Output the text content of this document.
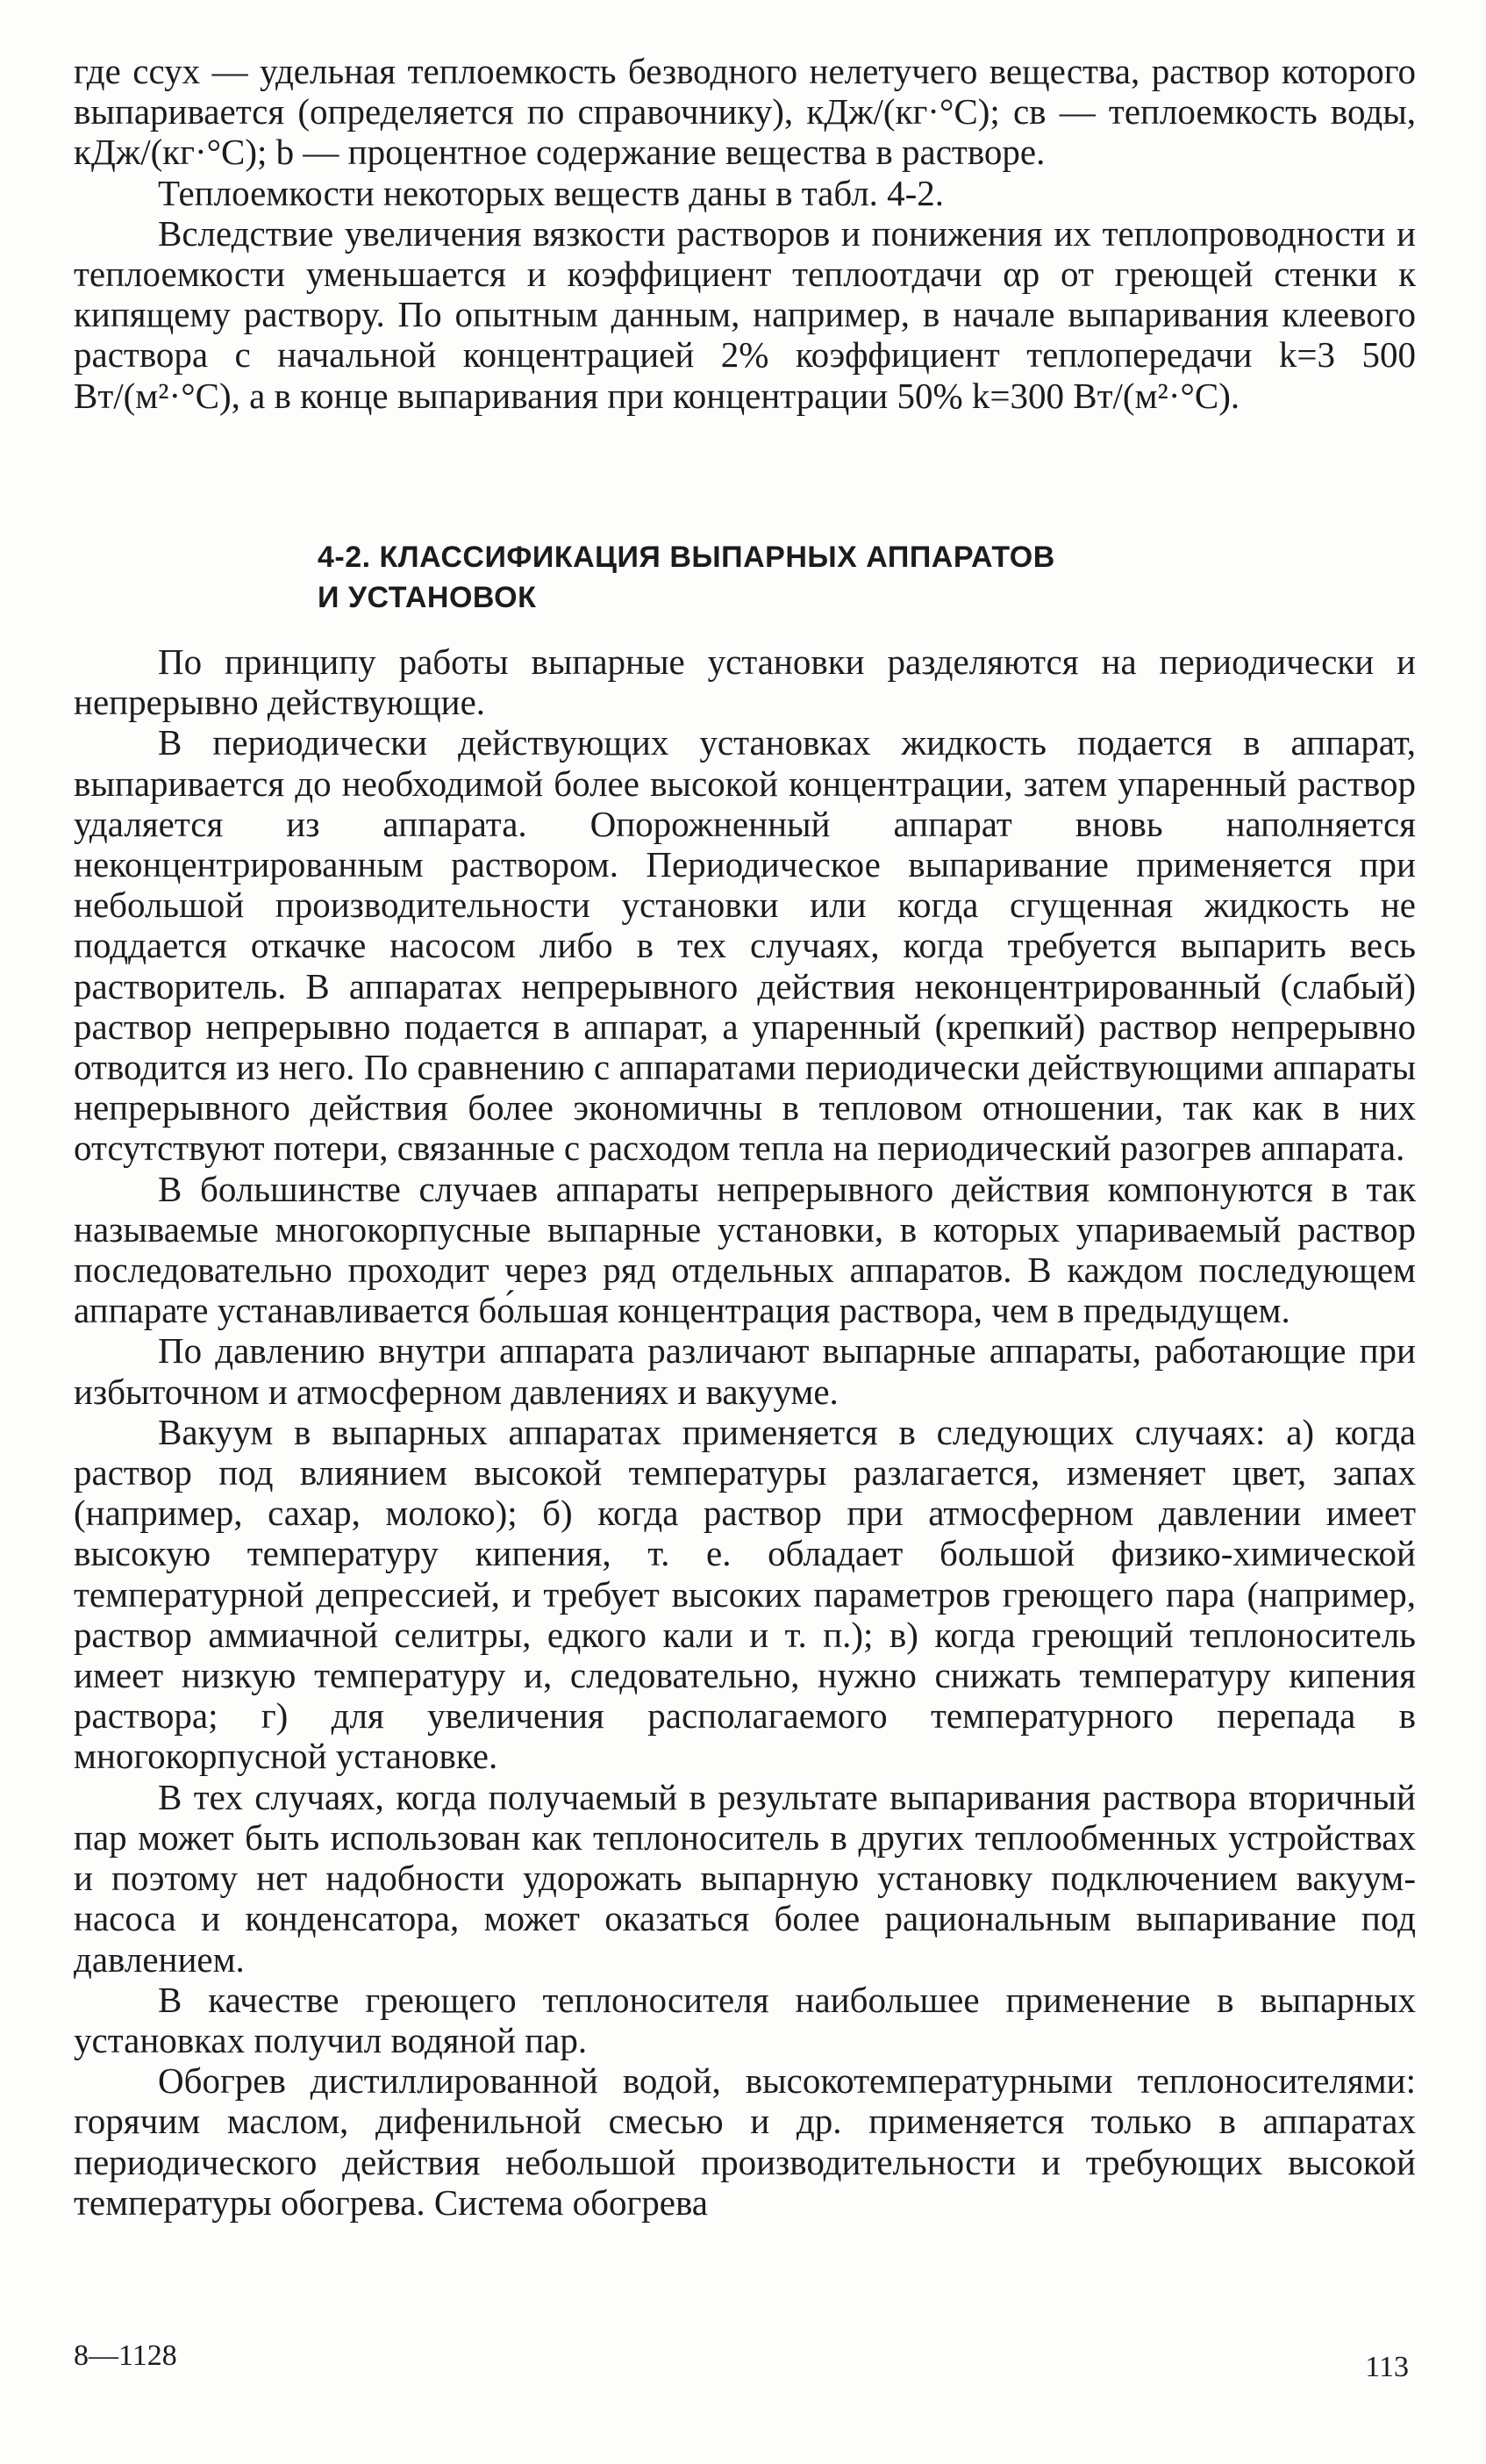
где cсух — удельная теплоемкость безводного нелетучего вещества, раствор которого выпаривается (определяется по справочнику), кДж/(кг·°C); cв — теплоемкость воды, кДж/(кг·°C); b — процентное содержание вещества в растворе.

Теплоемкости некоторых веществ даны в табл. 4-2.

Вследствие увеличения вязкости растворов и понижения их теплопроводности и теплоемкости уменьшается и коэффициент теплоотдачи αр от греющей стенки к кипящему раствору. По опытным данным, например, в начале выпаривания клеевого раствора с начальной концентрацией 2% коэффициент теплопередачи k=3 500 Вт/(м²·°C), а в конце выпаривания при концентрации 50% k=300 Вт/(м²·°C).

4-2. КЛАССИФИКАЦИЯ ВЫПАРНЫХ АППАРАТОВ
И УСТАНОВОК

По принципу работы выпарные установки разделяются на периодически и непрерывно действующие.

В периодически действующих установках жидкость подается в аппарат, выпаривается до необходимой более высокой концентрации, затем упаренный раствор удаляется из аппарата. Опорожненный аппарат вновь наполняется неконцентрированным раствором. Периодическое выпаривание применяется при небольшой производительности установки или когда сгущенная жидкость не поддается откачке насосом либо в тех случаях, когда требуется выпарить весь растворитель. В аппаратах непрерывного действия неконцентрированный (слабый) раствор непрерывно подается в аппарат, а упаренный (крепкий) раствор непрерывно отводится из него. По сравнению с аппаратами периодически действующими аппараты непрерывного действия более экономичны в тепловом отношении, так как в них отсутствуют потери, связанные с расходом тепла на периодический разогрев аппарата.

В большинстве случаев аппараты непрерывного действия компонуются в так называемые многокорпусные выпарные установки, в которых упариваемый раствор последовательно проходит через ряд отдельных аппаратов. В каждом последующем аппарате устанавливается бо́льшая концентрация раствора, чем в предыдущем.

По давлению внутри аппарата различают выпарные аппараты, работающие при избыточном и атмосферном давлениях и вакууме.

Вакуум в выпарных аппаратах применяется в следующих случаях: а) когда раствор под влиянием высокой температуры разлагается, изменяет цвет, запах (например, сахар, молоко); б) когда раствор при атмосферном давлении имеет высокую температуру кипения, т. е. обладает большой физико-химической температурной депрессией, и требует высоких параметров греющего пара (например, раствор аммиачной селитры, едкого кали и т. п.); в) когда греющий теплоноситель имеет низкую температуру и, следовательно, нужно снижать температуру кипения раствора; г) для увеличения располагаемого температурного перепада в многокорпусной установке.

В тех случаях, когда получаемый в результате выпаривания раствора вторичный пар может быть использован как теплоноситель в других теплообменных устройствах и поэтому нет надобности удорожать выпарную установку подключением вакуум-насоса и конденсатора, может оказаться более рациональным выпаривание под давлением.

В качестве греющего теплоносителя наибольшее применение в выпарных установках получил водяной пар.

Обогрев дистиллированной водой, высокотемпературными теплоносителями: горячим маслом, дифенильной смесью и др. применяется только в аппаратах периодического действия небольшой производительности и требующих высокой температуры обогрева. Система обогрева

8—1128	113
